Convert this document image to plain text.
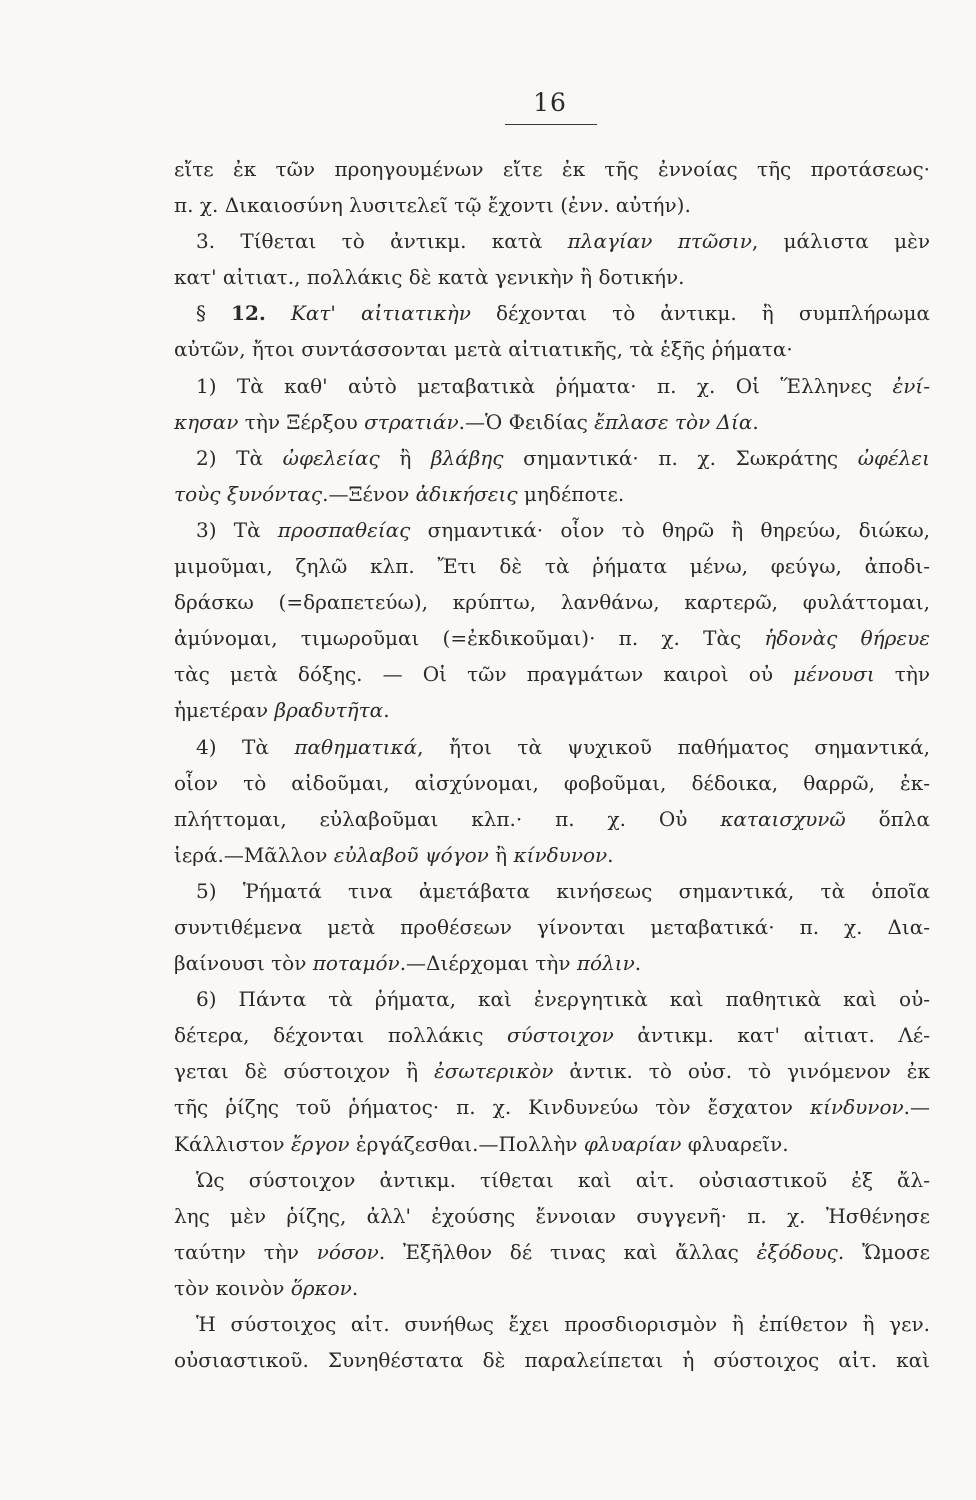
16
εἴτε ἐκ τῶν προηγουμένων εἴτε ἐκ τῆς ἐννοίας τῆς προτάσεως·
π. χ. Δικαιοσύνη λυσιτελεῖ τῷ ἔχοντι (ἐνν. αὐτήν).
3. Τίθεται τὸ ἀντικμ. κατὰ πλαγίαν πτῶσιν, μάλιστα μὲν
κατ' αἰτιατ., πολλάκις δὲ κατὰ γενικὴν ἢ δοτικήν.
§ 12. Κατ' αἰτιατικὴν δέχονται τὸ ἀντικμ. ἢ συμπλήρωμα
αὐτῶν, ἤτοι συντάσσονται μετὰ αἰτιατικῆς, τὰ ἑξῆς ῥήματα·
1) Τὰ καθ' αὑτὸ μεταβατικὰ ῥήματα· π. χ. Οἱ Ἕλληνες ἐνί-
κησαν τὴν Ξέρξου στρατιάν.—Ὁ Φειδίας ἔπλασε τὸν Δία.
2) Τὰ ὠφελείας ἢ βλάβης σημαντικά· π. χ. Σωκράτης ὠφέλει
τοὺς ξυνόντας.—Ξένον ἀδικήσεις μηδέποτε.
3) Τὰ προσπαθείας σημαντικά· οἷον τὸ θηρῶ ἢ θηρεύω, διώκω,
μιμοῦμαι, ζηλῶ κλπ. Ἔτι δὲ τὰ ῥήματα μένω, φεύγω, ἀποδι-
δράσκω (=δραπετεύω), κρύπτω, λανθάνω, καρτερῶ, φυλάττομαι,
ἀμύνομαι, τιμωροῦμαι (=ἐκδικοῦμαι)· π. χ. Τὰς ἡδονὰς θήρευε
τὰς μετὰ δόξης. — Οἱ τῶν πραγμάτων καιροὶ οὐ μένουσι τὴν
ἡμετέραν βραδυτῆτα.
4) Τὰ παθηματικά, ἤτοι τὰ ψυχικοῦ παθήματος σημαντικά,
οἷον τὸ αἰδοῦμαι, αἰσχύνομαι, φοβοῦμαι, δέδοικα, θαρρῶ, ἐκ-
πλήττομαι, εὐλαβοῦμαι κλπ.· π. χ. Οὐ καταισχυνῶ ὅπλα
ἱερά.—Μᾶλλον εὐλαβοῦ ψόγον ἢ κίνδυνον.
5) Ῥήματά τινα ἀμετάβατα κινήσεως σημαντικά, τὰ ὁποῖα
συντιθέμενα μετὰ προθέσεων γίνονται μεταβατικά· π. χ. Δια-
βαίνουσι τὸν ποταμόν.—Διέρχομαι τὴν πόλιν.
6) Πάντα τὰ ῥήματα, καὶ ἐνεργητικὰ καὶ παθητικὰ καὶ οὐ-
δέτερα, δέχονται πολλάκις σύστοιχον ἀντικμ. κατ' αἰτιατ. Λέ-
γεται δὲ σύστοιχον ἢ ἐσωτερικὸν ἀντικ. τὸ οὐσ. τὸ γινόμενον ἐκ
τῆς ῥίζης τοῦ ῥήματος· π. χ. Κινδυνεύω τὸν ἔσχατον κίνδυνον.—
Κάλλιστον ἔργον ἐργάζεσθαι.—Πολλὴν φλυαρίαν φλυαρεῖν.
Ὡς σύστοιχον ἀντικμ. τίθεται καὶ αἰτ. οὐσιαστικοῦ ἐξ ἄλ-
λης μὲν ῥίζης, ἀλλ' ἐχούσης ἔννοιαν συγγενῆ· π. χ. Ἠσθένησε
ταύτην τὴν νόσον. Ἐξῆλθον δέ τινας καὶ ἄλλας ἐξόδους. Ὤμοσε
τὸν κοινὸν ὅρκον.
Ἡ σύστοιχος αἰτ. συνήθως ἔχει προσδιορισμὸν ἢ ἐπίθετον ἢ γεν.
οὐσιαστικοῦ. Συνηθέστατα δὲ παραλείπεται ἡ σύστοιχος αἰτ. καὶ
